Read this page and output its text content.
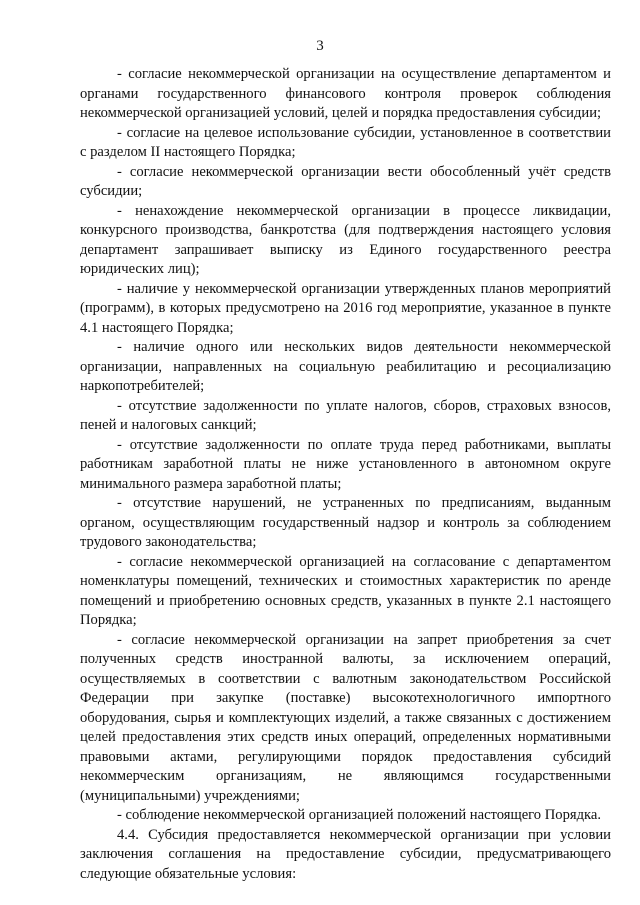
3

- согласие некоммерческой организации на осуществление департаментом и органами государственного финансового контроля проверок соблюдения некоммерческой организацией условий, целей и порядка предоставления субсидии;

- согласие на целевое использование субсидии, установленное в соответствии с разделом II настоящего Порядка;

- согласие некоммерческой организации вести обособленный учёт средств субсидии;

- ненахождение некоммерческой организации в процессе ликвидации, конкурсного производства, банкротства (для подтверждения настоящего условия департамент запрашивает выписку из Единого государственного реестра юридических лиц);

- наличие у некоммерческой организации утвержденных планов мероприятий (программ), в которых предусмотрено на 2016 год мероприятие, указанное в пункте 4.1 настоящего Порядка;

- наличие одного или нескольких видов деятельности некоммерческой организации, направленных на социальную реабилитацию и ресоциализацию наркопотребителей;

- отсутствие задолженности по уплате налогов, сборов, страховых взносов, пеней и налоговых санкций;

- отсутствие задолженности по оплате труда перед работниками, выплаты работникам заработной платы не ниже установленного в автономном округе минимального размера заработной платы;

- отсутствие нарушений, не устраненных по предписаниям, выданным органом, осуществляющим государственный надзор и контроль за соблюдением трудового законодательства;

- согласие некоммерческой организацией на согласование с департаментом номенклатуры помещений, технических и стоимостных характеристик по аренде помещений и приобретению основных средств, указанных в пункте 2.1 настоящего Порядка;

- согласие некоммерческой организации на запрет приобретения за счет полученных средств иностранной валюты, за исключением операций, осуществляемых в соответствии с валютным законодательством Российской Федерации при закупке (поставке) высокотехнологичного импортного оборудования, сырья и комплектующих изделий, а также связанных с достижением целей предоставления этих средств иных операций, определенных нормативными правовыми актами, регулирующими порядок предоставления субсидий некоммерческим организациям, не являющимся государственными (муниципальными) учреждениями;

- соблюдение некоммерческой организацией положений настоящего Порядка.

4.4. Субсидия предоставляется некоммерческой организации при условии заключения соглашения на предоставление субсидии, предусматривающего следующие обязательные условия:
